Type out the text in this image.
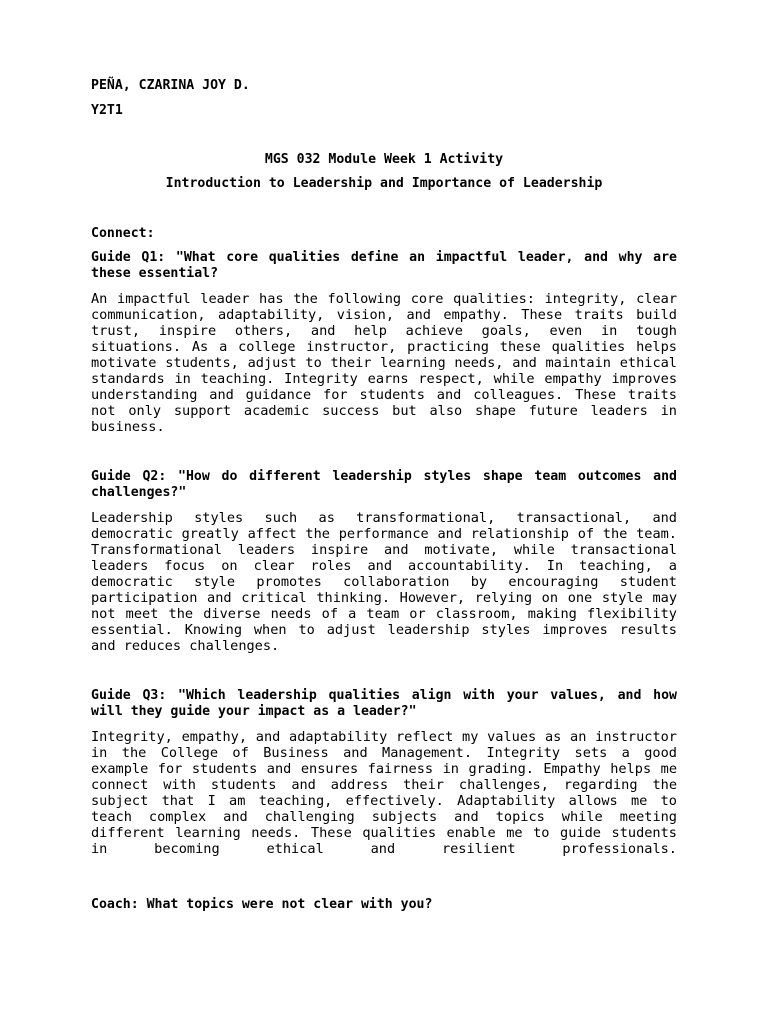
PEÑA, CZARINA JOY D.

Y2T1

MGS 032 Module Week 1 Activity

Introduction to Leadership and Importance of Leadership

Connect:

Guide Q1: "What core qualities define an impactful leader, and why are these essential?

An impactful leader has the following core qualities: integrity, clear communication, adaptability, vision, and empathy. These traits build trust, inspire others, and help achieve goals, even in tough situations. As a college instructor, practicing these qualities helps motivate students, adjust to their learning needs, and maintain ethical standards in teaching. Integrity earns respect, while empathy improves understanding and guidance for students and colleagues. These traits not only support academic success but also shape future leaders in business.

Guide Q2: "How do different leadership styles shape team outcomes and challenges?"

Leadership styles such as transformational, transactional, and democratic greatly affect the performance and relationship of the team. Transformational leaders inspire and motivate, while transactional leaders focus on clear roles and accountability. In teaching, a democratic style promotes collaboration by encouraging student participation and critical thinking. However, relying on one style may not meet the diverse needs of a team or classroom, making flexibility essential. Knowing when to adjust leadership styles improves results and reduces challenges.

Guide Q3: "Which leadership qualities align with your values, and how will they guide your impact as a leader?"

Integrity, empathy, and adaptability reflect my values as an instructor in the College of Business and Management. Integrity sets a good example for students and ensures fairness in grading. Empathy helps me connect with students and address their challenges, regarding the subject that I am teaching, effectively. Adaptability allows me to teach complex and challenging subjects and topics while meeting different learning needs. These qualities enable me to guide students in becoming ethical and resilient professionals.

Coach: What topics were not clear with you?
